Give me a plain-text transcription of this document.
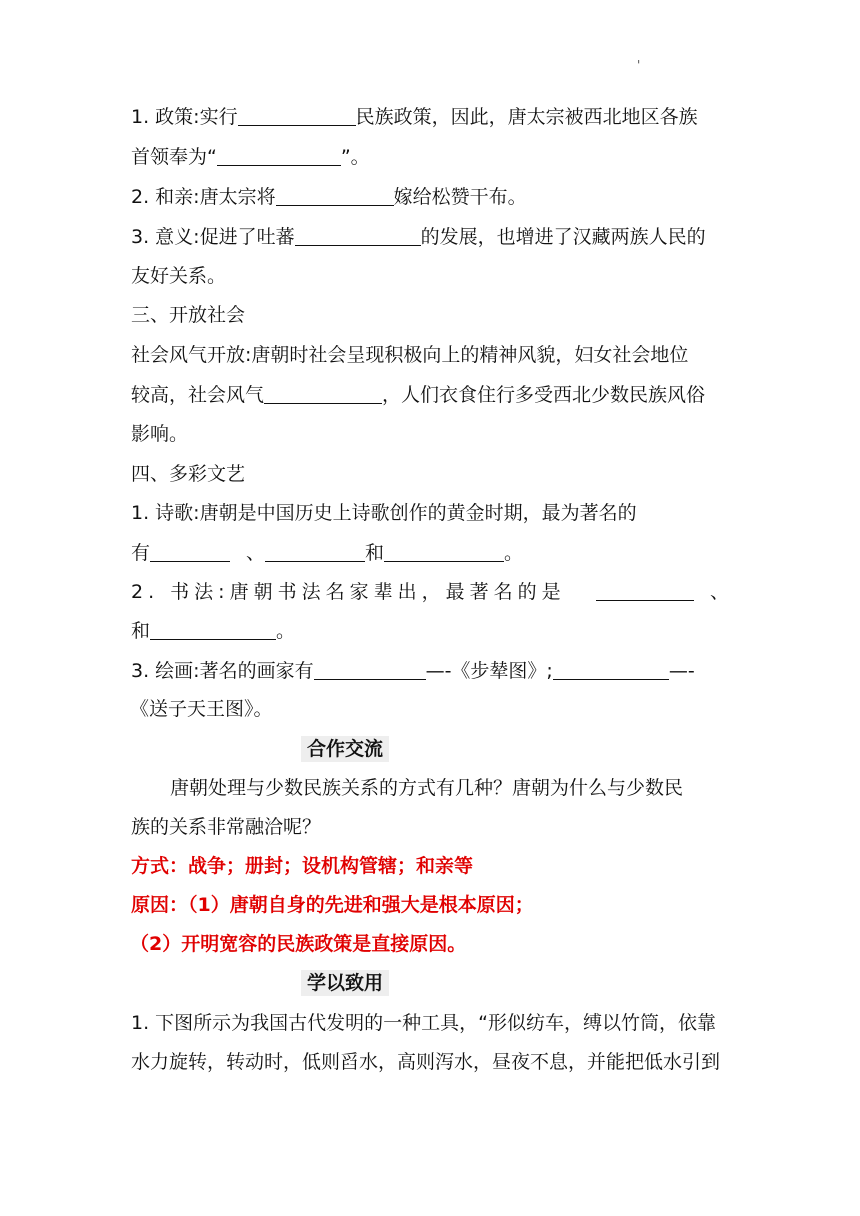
'
1. 政策:实行	民族政策，因此，唐太宗被西北地区各族
首领奉为“	”。
2. 和亲:唐太宗将	嫁给松赞干布。
3. 意义:促进了吐蕃	的发展，也增进了汉藏两族人民的
友好关系。
三、开放社会
社会风气开放:唐朝时社会呈现积极向上的精神风貌，妇女社会地位
较高，社会风气	，人们衣食住行多受西北少数民族风俗
影响。
四、多彩文艺
1. 诗歌:唐朝是中国历史上诗歌创作的黄金时期，最为著名的
有	、	和	。
2. 书法:唐朝书法名家辈出，最著名的是	、
和	。
3. 绘画:著名的画家有	—-《步辇图》;	—-
《送子天王图》。
合作交流
唐朝处理与少数民族关系的方式有几种？唐朝为什么与少数民
族的关系非常融洽呢？
方式：战争；册封；设机构管辖；和亲等
原因：（1）唐朝自身的先进和强大是根本原因；
（2）开明宽容的民族政策是直接原因。
学以致用
1. 下图所示为我国古代发明的一种工具，“形似纺车，缚以竹筒，依靠
水力旋转，转动时，低则舀水，高则泻水，昼夜不息，并能把低水引到
